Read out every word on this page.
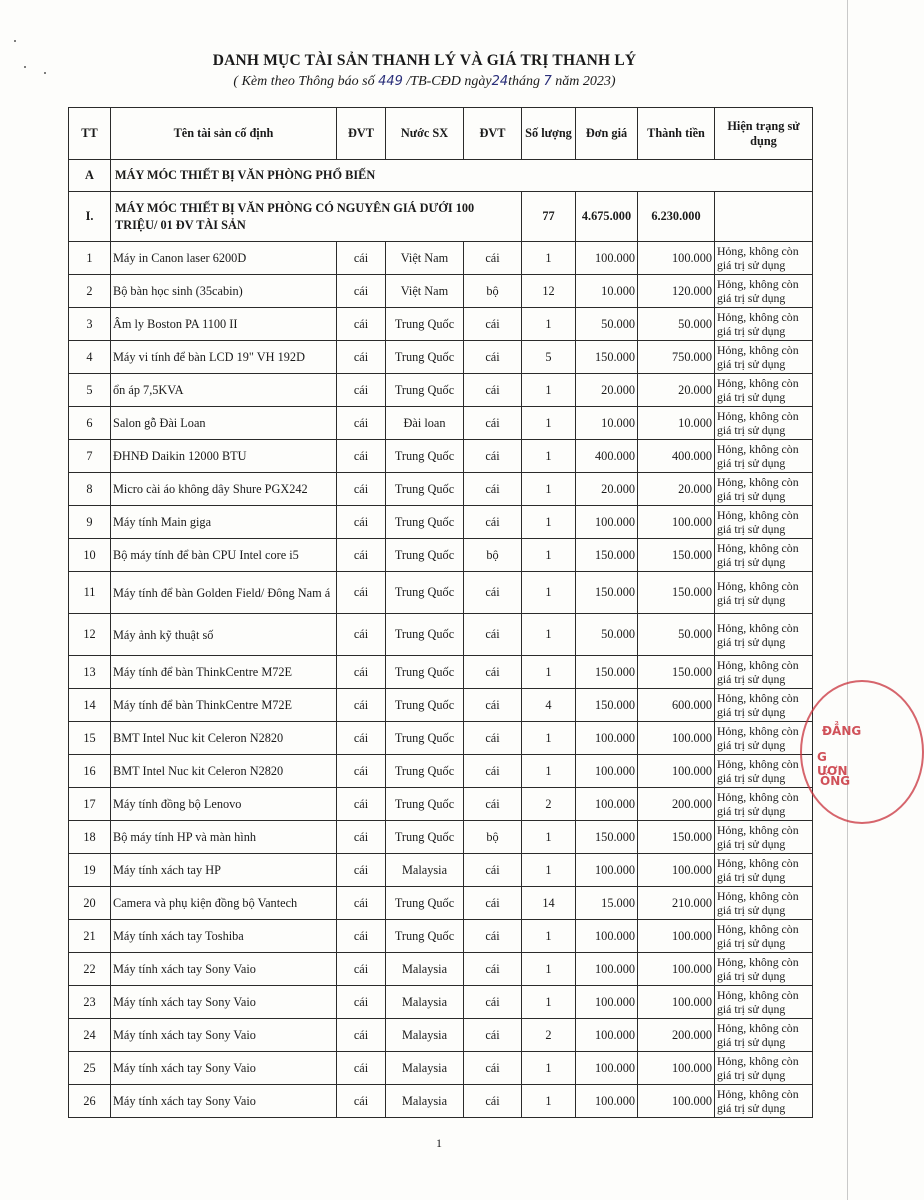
DANH MỤC TÀI SẢN THANH LÝ VÀ GIÁ TRỊ THANH LÝ
( Kèm theo Thông báo số 449 /TB-CĐD ngày24tháng 7 năm 2023)
TT	Tên tài sản cố định	ĐVT	Nước SX	ĐVT	Số lượng	Đơn giá	Thành tiền	Hiện trạng sử dụng
A	MÁY MÓC THIẾT BỊ VĂN PHÒNG PHỔ BIẾN							
I.	MÁY MÓC THIẾT BỊ VĂN PHÒNG CÓ NGUYÊN GIÁ DƯỚI 100 TRIỆU/ 01 ĐV TÀI SẢN				77	4.675.000	6.230.000	
1	Máy in Canon laser 6200D	cái	Việt Nam	cái	1	100.000	100.000	Hỏng, không còn giá trị sử dụng
2	Bộ bàn học sinh (35cabin)	cái	Việt Nam	bộ	12	10.000	120.000	Hỏng, không còn giá trị sử dụng
3	Âm ly Boston PA 1100 II	cái	Trung Quốc	cái	1	50.000	50.000	Hỏng, không còn giá trị sử dụng
4	Máy vi tính để bàn LCD 19" VH 192D	cái	Trung Quốc	cái	5	150.000	750.000	Hỏng, không còn giá trị sử dụng
5	ổn áp 7,5KVA	cái	Trung Quốc	cái	1	20.000	20.000	Hỏng, không còn giá trị sử dụng
6	Salon gỗ Đài Loan	cái	Đài loan	cái	1	10.000	10.000	Hỏng, không còn giá trị sử dụng
7	ĐHNĐ Daikin 12000 BTU	cái	Trung Quốc	cái	1	400.000	400.000	Hỏng, không còn giá trị sử dụng
8	Micro cài áo không dây Shure PGX242	cái	Trung Quốc	cái	1	20.000	20.000	Hỏng, không còn giá trị sử dụng
9	Máy tính Main giga	cái	Trung Quốc	cái	1	100.000	100.000	Hỏng, không còn giá trị sử dụng
10	Bộ máy tính để bàn CPU Intel core i5	cái	Trung Quốc	bộ	1	150.000	150.000	Hỏng, không còn giá trị sử dụng
11	Máy tính để bàn Golden Field/ Đông Nam á	cái	Trung Quốc	cái	1	150.000	150.000	Hỏng, không còn giá trị sử dụng
12	Máy ảnh kỹ thuật số	cái	Trung Quốc	cái	1	50.000	50.000	Hỏng, không còn giá trị sử dụng
13	Máy tính để bàn ThinkCentre M72E	cái	Trung Quốc	cái	1	150.000	150.000	Hỏng, không còn giá trị sử dụng
14	Máy tính để bàn ThinkCentre M72E	cái	Trung Quốc	cái	4	150.000	600.000	Hỏng, không còn giá trị sử dụng
15	BMT Intel Nuc kit Celeron N2820	cái	Trung Quốc	cái	1	100.000	100.000	Hỏng, không còn giá trị sử dụng
16	BMT Intel Nuc kit Celeron N2820	cái	Trung Quốc	cái	1	100.000	100.000	Hỏng, không còn giá trị sử dụng
17	Máy tính đồng bộ Lenovo	cái	Trung Quốc	cái	2	100.000	200.000	Hỏng, không còn giá trị sử dụng
18	Bộ máy tính HP và màn hình	cái	Trung Quốc	bộ	1	150.000	150.000	Hỏng, không còn giá trị sử dụng
19	Máy tính xách tay HP	cái	Malaysia	cái	1	100.000	100.000	Hỏng, không còn giá trị sử dụng
20	Camera và phụ kiện đồng bộ Vantech	cái	Trung Quốc	cái	14	15.000	210.000	Hỏng, không còn giá trị sử dụng
21	Máy tính xách tay Toshiba	cái	Trung Quốc	cái	1	100.000	100.000	Hỏng, không còn giá trị sử dụng
22	Máy tính xách tay Sony Vaio	cái	Malaysia	cái	1	100.000	100.000	Hỏng, không còn giá trị sử dụng
23	Máy tính xách tay Sony Vaio	cái	Malaysia	cái	1	100.000	100.000	Hỏng, không còn giá trị sử dụng
24	Máy tính xách tay Sony Vaio	cái	Malaysia	cái	2	100.000	200.000	Hỏng, không còn giá trị sử dụng
25	Máy tính xách tay Sony Vaio	cái	Malaysia	cái	1	100.000	100.000	Hỏng, không còn giá trị sử dụng
26	Máy tính xách tay Sony Vaio	cái	Malaysia	cái	1	100.000	100.000	Hỏng, không còn giá trị sử dụng
1
ĐẲNG
G ƯƠN
ỐNG
